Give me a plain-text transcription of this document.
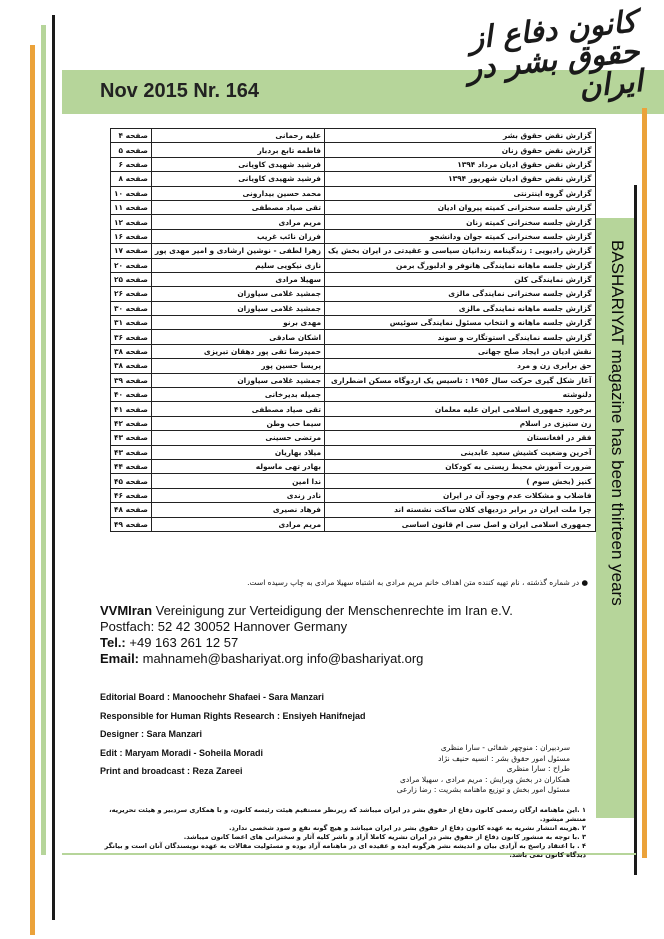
کانون دفاع از حقوق بشر در ایران
Nov 2015 Nr. 164
BASHARIYAT magazine has been thirteen years
صفحه ۴	علیه رحمانی	گزارش نقض حقوق بشر
صفحه ۵	فاطمه تابع بردبار	گزارش نقض حقوق زنان
صفحه ۶	فرشید شهیدی کاویانی	گزارش نقض حقوق ادیان مرداد ۱۳۹۴
صفحه ۸	فرشید شهیدی کاویانی	گزارش نقض حقوق ادیان شهریور ۱۳۹۴
صفحه ۱۰	محمد حسین بیدارونی	گزارش گروه اینترنتی
صفحه ۱۱	تقی صیاد مصطفی	گزارش جلسه سخنرانی کمیته پیروان ادیان
صفحه ۱۲	مریم مرادی	گزارش جلسه سخنرانی کمیته زنان
صفحه ۱۶	فرزان نائب غریب	گزارش جلسه سخنرانی کمیته جوان ودانشجو
صفحه ۱۷	زهرا لطفی - نوشین ارشادی و امیر مهدی پور	گزارش رادیویی : زندگینامه زندانیان سیاسی و عقیدتی در ایران بخش یک
صفحه ۲۰	نازی نیکویی سلیم	گزارش جلسه ماهانه نمایندگی هانوفر و ادلبورگ برمن
صفحه ۲۵	سهیلا مرادی	گزارش نمایندگی کلن
صفحه ۲۶	جمشید غلامی سیاوزان	گزارش جلسه سخنرانی نمایندگی مالزی
صفحه ۳۰	جمشید غلامی سیاوزان	گزارش جلسه ماهانه نمایندگی مالزی
صفحه ۳۱	مهدی برنو	گزارش جلسه ماهانه و انتخاب مسئول نمایندگی سوئیس
صفحه ۳۶	اشکان صادقی	گزارش جلسه نمایندگی استوتگارت و سوند
صفحه ۳۸	حمیدرضا تقی پور دهقان تبریزی	نقش ادیان در ایجاد صلح جهانی
صفحه ۳۸	پریسا حسین پور	حق برابری زن و مرد
صفحه ۳۹	جمشید غلامی سیاوزان	آغاز شکل گیری حرکت سال ۱۹۵۶ : تاسیس یک اردوگاه مسکن اضطراری
صفحه ۴۰	جمیله بدیرخانی	دلنوشته
صفحه ۴۱	تقی صیاد مصطفی	برخورد جمهوری اسلامی ایران علیه معلمان
صفحه ۴۲	سیما حب وطن	زن ستیزی در اسلام
صفحه ۴۳	مرتضی حسینی	فقر در افغانستان
صفحه ۴۳	میلاد بهاریان	آخرین وضعیت کشیش سعید عابدینی
صفحه ۴۴	بهادر تهی ماسوله	ضرورت آموزش محیط زیستی به کودکان
صفحه ۴۵	ندا امین	کنیز (بخش سوم )
صفحه ۴۶	نادر زندی	فاضلاب و مشکلات عدم وجود آن در ایران
صفحه ۴۸	فرهاد نصیری	چرا ملت ایران در برابر دزدیهای کلان ساکت نشسته اند
صفحه ۴۹	مریم مرادی	جمهوری اسلامی ایران و اصل سی ام قانون اساسی
● در شماره گذشته ، نام تهیه کننده متن اهداف خانم مریم مرادی به اشتباه سهیلا مرادی به چاپ رسیده است.
VVMIran Vereinigung zur Verteidigung der Menschenrechte im Iran e.V.
Postfach: 52 42 30052 Hannover Germany
Tel.: +49 163 261 12 57
Email: mahnameh@bashariyat.org info@bashariyat.org
Editorial Board : Manoochehr Shafaei - Sara Manzari
Responsible for Human Rights Research : Ensiyeh Hanifnejad
Designer : Sara Manzari
Edit : Maryam Moradi - Soheila Moradi
Print and broadcast : Reza Zareei
سردبیران : منوچهر شفائی - سارا منظری
مسئول امور حقوق بشر : انسیه حنیف نژاد
طراح : سارا منظری
همکاران در بخش ویرایش : مریم مرادی ، سهیلا مرادی
مسئول امور بخش و توزیع ماهنامه بشریت : رضا زارعی
۱ .این ماهنامه ارگان رسمی کانون دفاع از حقوق بشر در ایران میباشد که زیرنظر مستقیم هیئت رئیسه کانون، و با همکاری سردبیر و هیئت تحریریه، منتشر میشود.
۲ .هزینه انتشار نشریه به عهده کانون دفاع از حقوق بشر در ایران میباشد و هیچ گونه نفع و سود شخصی ندارد.
۳ .با توجه به منشور کانون دفاع از حقوق بشر در ایران نشریه کاملا آزاد و ناشر کلیه آثار و سخنرانی های اعضا کانون میباشد.
۴ . با اعتقاد راسخ به آزادی بیان و اندیشه نشر هرگونه ایده و عقیده ای در ماهنامه آزاد بوده و مسئولیت مقالات به عهده نویسندگان آنان است و بیانگر دیدگاه کانون نمی باشد.
